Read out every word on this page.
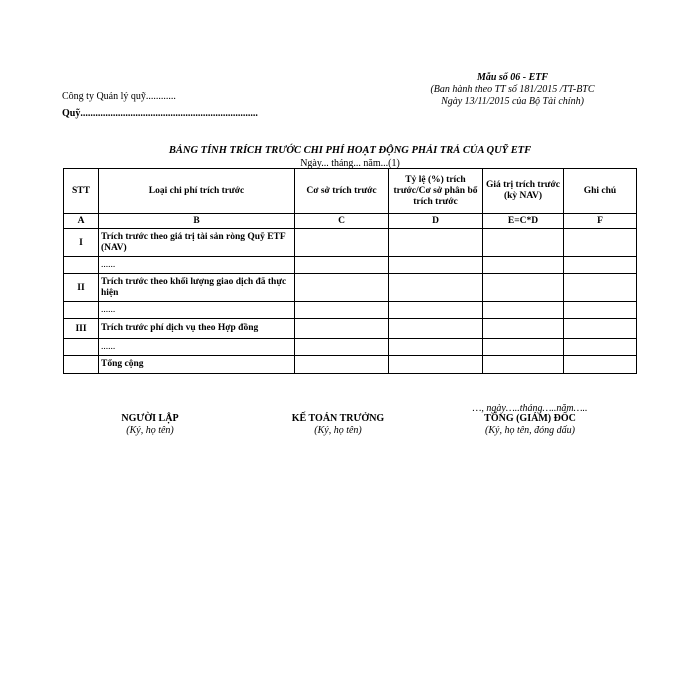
Công ty Quản lý quỹ............
Quỹ.......................................................................
Mẫu số 06 - ETF
(Ban hành theo TT số 181/2015 /TT-BTC
Ngày 13/11/2015 của Bộ Tài chính)
BẢNG TÍNH TRÍCH TRƯỚC CHI PHÍ HOẠT ĐỘNG PHẢI TRẢ CỦA QUỸ ETF
Ngày... tháng... năm...(1)
STT	Loại chi phí trích trước	Cơ sở trích trước	Tỷ lệ (%) trích trước/Cơ sở phân bổ trích trước	Giá trị trích trước (kỳ NAV)	Ghi chú
A	B	C	D	E=C*D	F
I	Trích trước theo giá trị tài sản ròng Quỹ ETF (NAV)				
	......				
II	Trích trước theo khối lượng giao dịch đã thực hiện				
	......				
III	Trích trước phí dịch vụ theo Hợp đồng				
	......				
	Tổng cộng				
…, ngày…..tháng…..năm…..
NGƯỜI LẬP
(Ký, họ tên)
KẾ TOÁN TRƯỞNG
(Ký, họ tên)
TỔNG (GIÁM) ĐỐC
(Ký, họ tên, đóng dấu)
